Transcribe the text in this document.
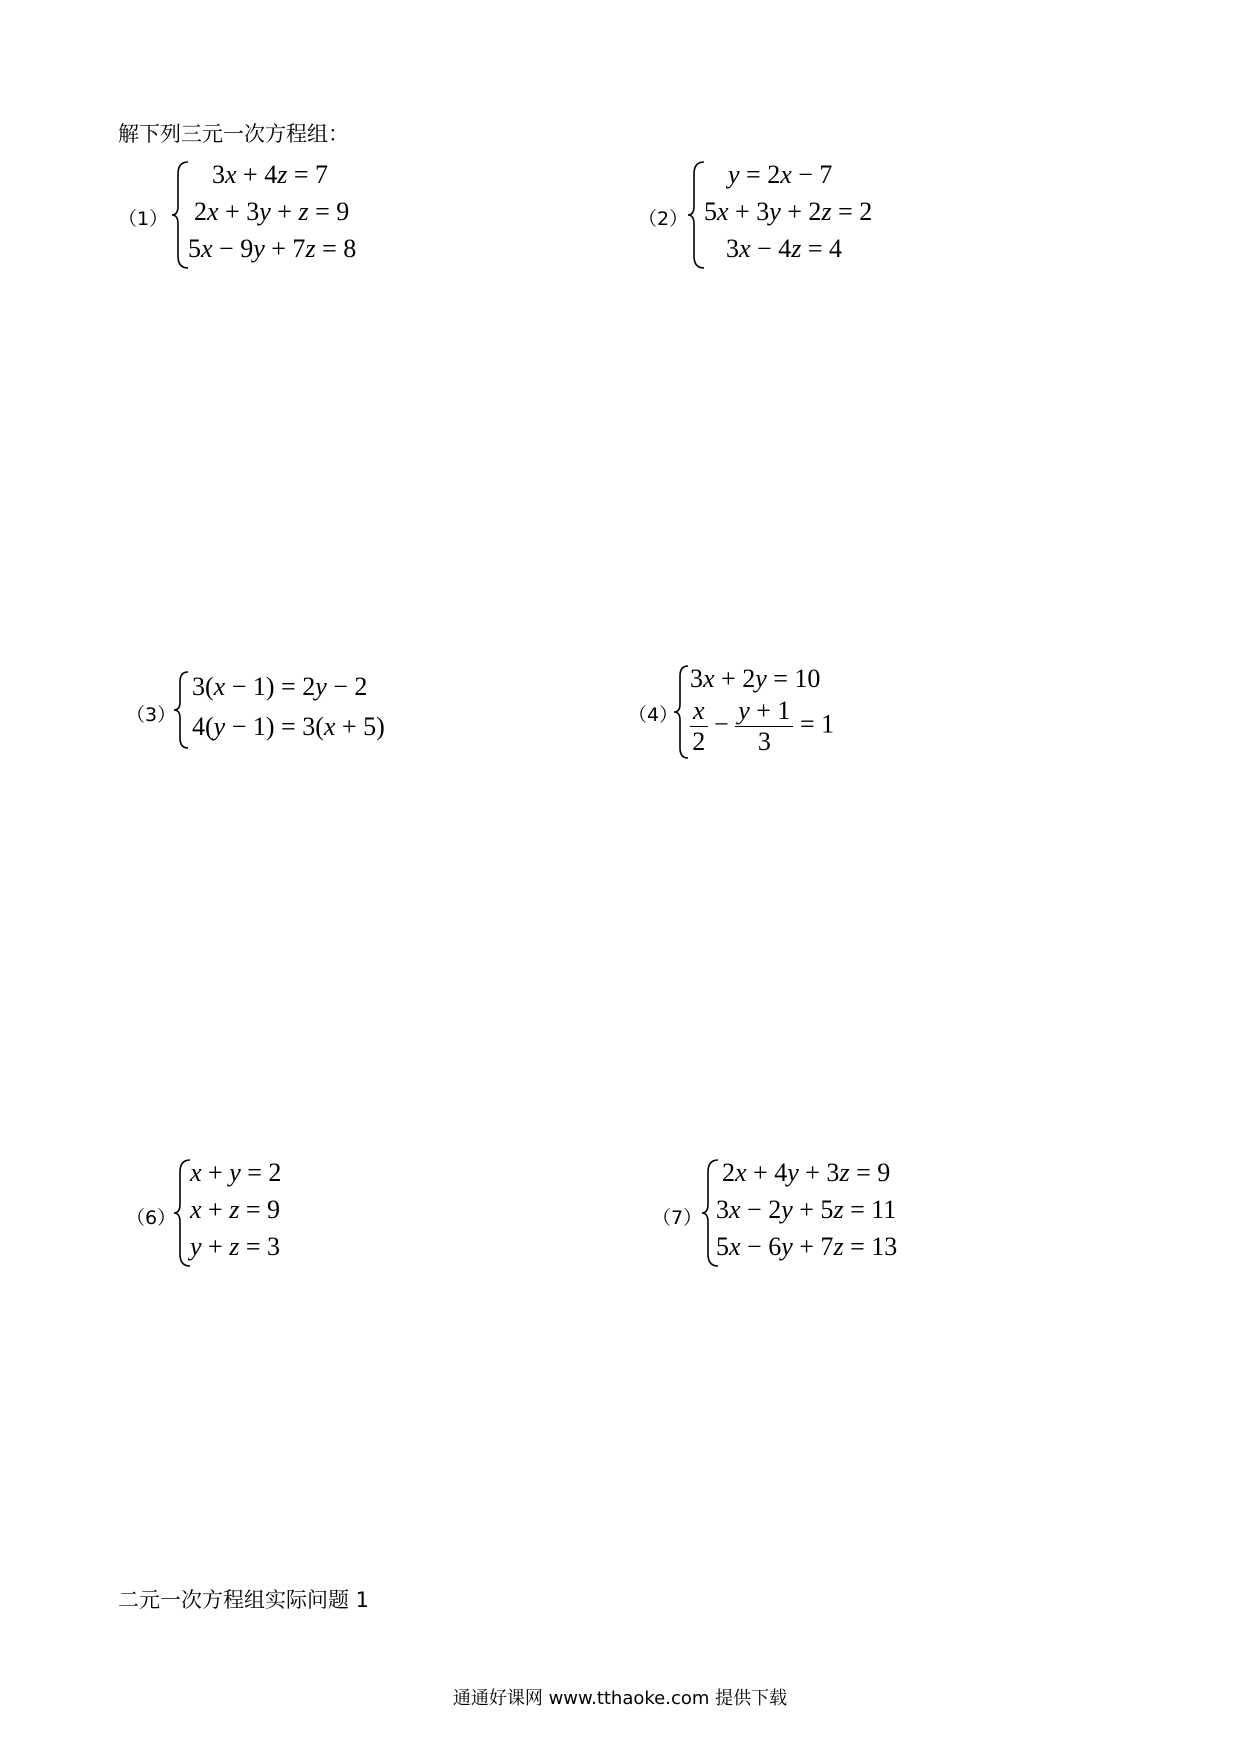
解下列三元一次方程组：
（1）
3x + 4z = 7
2x + 3y + z = 9
5x − 9y + 7z = 8
（2）
y = 2x − 7
5x + 3y + 2z = 2
3x − 4z = 4
（3）
3(x − 1) = 2y − 2
4(y − 1) = 3(x + 5)	（4）
3x + 2y = 10
$\frac{x}{2} - \frac{y + 1}{3} = 1$
（6）
x + y = 2
x + z = 9
y + z = 3
（7）
2x + 4y + 3z = 9
3x − 2y + 5z = 11
5x − 6y + 7z = 13
二元一次方程组实际问题 1
通通好课网 www.tthaoke.com 提供下载
